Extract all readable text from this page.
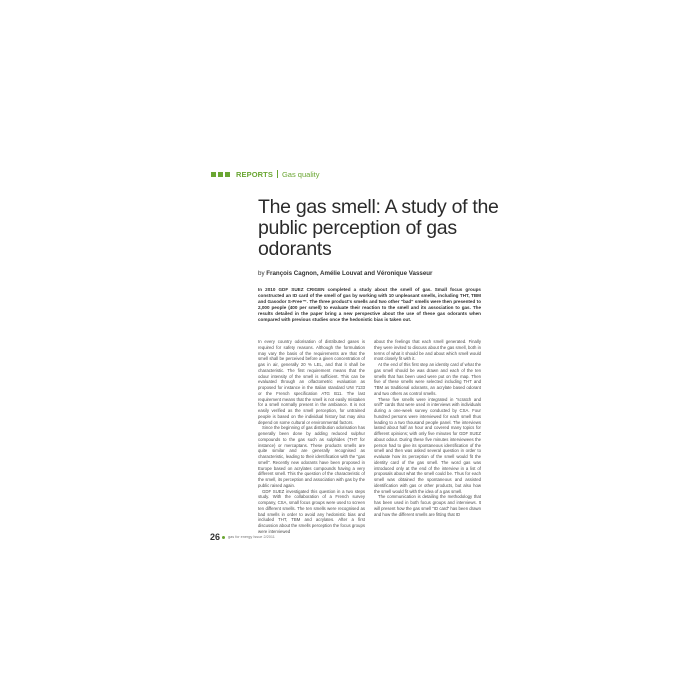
REPORTS Gas quality
The gas smell: A study of the public perception of gas odorants
by François Cagnon, Amélie Louvat and Véronique Vasseur
In 2010 GDF SUEZ CRIGEN completed a study about the smell of gas. Small focus groups constructed an ID card of the smell of gas by working with 10 unpleasant smells, including THT, TBM and Gasodor S-Free™. The three product's smells and two other "bad" smells were then presented to 2,000 people (400 per smell) to evaluate their reaction to the smell and its association to gas. The results detailed in the paper bring a new perspective about the use of these gas odorants when compared with previous studies once the hedonistic bias is taken out.

In every country odorisation of distributed gases is required for safety reasons. Although the formulation may vary the basis of the requirements are that the smell shall be perceived before a given concentration of gas in air, generally 20 % LEL, and that it shall be characteristic. The first requirement means that the odour intensity of the smell is sufficient. This can be evaluated through an olfactometric evaluation as proposed for instance in the Italian standard UNI 7133 or the French specification ATG B11. The last requirement means that the smell is not easily mistaken for a smell normally present in the ambiance. It is not easily verified as the smell perception, for untrained people is based on the individual history but may also depend on some cultural or environmental factors.

Since the beginning of gas distribution odorisation has generally been done by adding reduced sulphur compounds to the gas such as sulphides (THT for instance) or mercaptans. These products smells are quite similar and are generally recognised as characteristic, leading to their identification with the "gas smell". Recently new odorants have been proposed in Europe based on acrylates compounds having a very different smell. This the question of the characteristic of the smell, its perception and association with gas by the public raised again.

GDF SUEZ investigated this question in a two steps study. With the collaboration of a French survey company, CSA, small focus groups were used to screen ten different smells. The ten smells were recognised as bad smells in order to avoid any hedonistic bias and included THT, TBM and acrylates. After a first discussion about the smells perception the focus groups were interviewed

about the feelings that each smell generated. Finally they were invited to discuss about the gas smell, both in terms of what it should be and about which smell would most closely fit with it.

At the end of this first step an identity card of what the gas smell should be was drawn and each of the ten smells that has been used were put on the map. Then five of these smells were selected including THT and TBM as traditional odorants, an acrylate based odorant and two others as control smells.

These five smells were integrated in "scratch and sniff" cards that were used in interviews with individuals during a one-week survey conducted by CSA. Four hundred persons were interviewed for each smell thus leading to a two thousand people panel. The interviews lasted about half an hour and covered many topics for different opinions; with only five minutes for GDF SUEZ about odour. During these five minutes interviewees the person had to give its spontaneous identification of the smell and then was asked several question in order to evaluate how its perception of the smell would fit the identity card of the gas smell. The word gas was introduced only at the end of the interview in a list of proposals about what the smell could be. Thus for each smell was obtained the spontaneous and assisted identification with gas or other products, but also how the smell would fit with the idea of a gas smell.

The communication is detailing the methodology that has been used in both focus groups and interviews. It will present how the gas smell "ID card" has been drawn and how the different smells are fitting that ID

26 gas for energy Issue 2/2011
